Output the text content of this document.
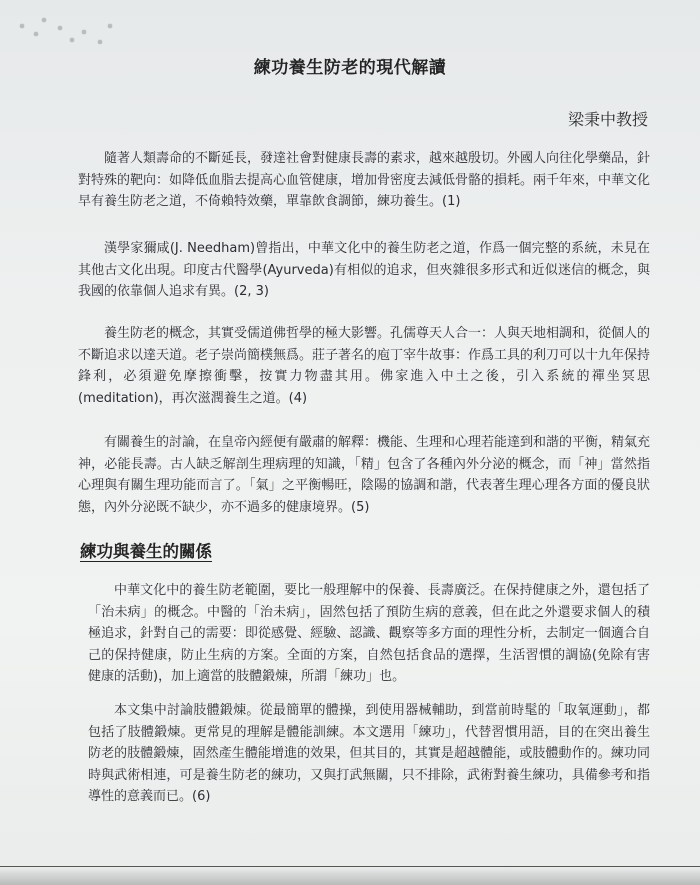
練功養生防老的現代解讀
梁秉中教授

隨著人類壽命的不斷延長，發達社會對健康長壽的素求，越來越殷切。外國人向往化學藥品，針對特殊的靶向：如降低血脂去提高心血管健康，增加骨密度去減低骨骼的損耗。兩千年來，中華文化早有養生防老之道，不倚賴特效藥，單靠飲食調節，練功養生。(1)

漢學家獮咸(J. Needham)曾指出，中華文化中的養生防老之道，作爲一個完整的系統，未見在其他古文化出現。印度古代醫學(Ayurveda)有相似的追求，但夾雜很多形式和近似迷信的概念，與我國的依靠個人追求有異。(2, 3)

養生防老的概念，其實受儒道佛哲學的極大影響。孔儒尊天人合一：人與天地相調和，從個人的不斷追求以達天道。老子崇尚簡樸無爲。莊子著名的庖丁宰牛故事：作爲工具的利刀可以十九年保持鋒利，必須避免摩擦衝擊，按實力物盡其用。佛家進入中土之後，引入系統的禪坐冥思(meditation)，再次滋潤養生之道。(4)

有關養生的討論，在皇帝內經便有嚴肅的解釋：機能、生理和心理若能達到和諧的平衡，精氣充神，必能長壽。古人缺乏解剖生理病理的知識，「精」包含了各種內外分泌的概念，而「神」當然指心理與有關生理功能而言了。「氣」之平衡暢旺，陰陽的協調和諧，代表著生理心理各方面的優良狀態，內外分泌既不缺少，亦不過多的健康境界。(5)

練功與養生的關係

中華文化中的養生防老範圍，要比一般理解中的保養、長壽廣泛。在保持健康之外，還包括了「治未病」的概念。中醫的「治未病」，固然包括了預防生病的意義，但在此之外還要求個人的積極追求，針對自己的需要：即從感覺、經驗、認識、觀察等多方面的理性分析，去制定一個適合自己的保持健康，防止生病的方案。全面的方案，自然包括食品的選擇，生活習慣的調協(免除有害健康的活動)，加上適當的肢體鍛煉，所謂「練功」也。

本文集中討論肢體鍛煉。從最簡單的體操，到使用器械輔助，到當前時髦的「取氧運動」，都包括了肢體鍛煉。更常見的理解是體能訓練。本文選用「練功」，代替習慣用語，目的在突出養生防老的肢體鍛煉，固然產生體能增進的效果，但其目的，其實是超越體能，或肢體動作的。練功同時與武術相連，可是養生防老的練功，又與打武無關，只不排除，武術對養生練功，具備參考和指導性的意義而已。(6)
